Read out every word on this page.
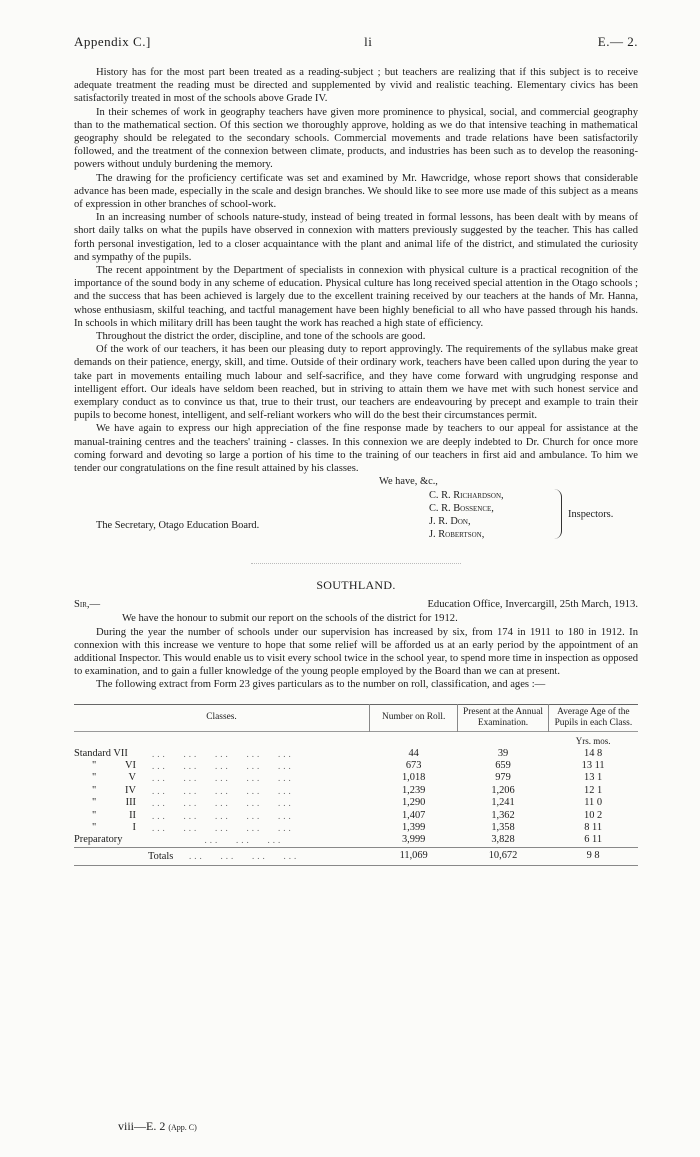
Appendix C.]	li	E.— 2.

History has for the most part been treated as a reading-subject ; but teachers are realizing that if this subject is to receive adequate treatment the reading must be directed and supplemented by vivid and realistic teaching. Elementary civics has been satisfactorily treated in most of the schools above Grade IV.

In their schemes of work in geography teachers have given more prominence to physical, social, and commercial geography than to the mathematical section. Of this section we thoroughly approve, holding as we do that intensive teaching in mathematical geography should be relegated to the secondary schools. Commercial movements and trade relations have been satisfactorily followed, and the treatment of the connexion between climate, products, and industries has been such as to develop the reasoning-powers without unduly burdening the memory.

The drawing for the proficiency certificate was set and examined by Mr. Hawcridge, whose report shows that considerable advance has been made, especially in the scale and design branches. We should like to see more use made of this subject as a means of expression in other branches of school-work.

In an increasing number of schools nature-study, instead of being treated in formal lessons, has been dealt with by means of short daily talks on what the pupils have observed in connexion with matters previously suggested by the teacher. This has called forth personal investigation, led to a closer acquaintance with the plant and animal life of the district, and stimulated the curiosity and sympathy of the pupils.

The recent appointment by the Department of specialists in connexion with physical culture is a practical recognition of the importance of the sound body in any scheme of education. Physical culture has long received special attention in the Otago schools ; and the success that has been achieved is largely due to the excellent training received by our teachers at the hands of Mr. Hanna, whose enthusiasm, skilful teaching, and tactful management have been highly beneficial to all who have passed through his hands. In schools in which military drill has been taught the work has reached a high state of efficiency.

Throughout the district the order, discipline, and tone of the schools are good.

Of the work of our teachers, it has been our pleasing duty to report approvingly. The requirements of the syllabus make great demands on their patience, energy, skill, and time. Outside of their ordinary work, teachers have been called upon during the year to take part in movements entailing much labour and self-sacrifice, and they have come forward with ungrudging response and intelligent effort. Our ideals have seldom been reached, but in striving to attain them we have met with such honest service and exemplary conduct as to convince us that, true to their trust, our teachers are endeavouring by precept and example to train their pupils to become honest, intelligent, and self-reliant workers who will do the best their circumstances permit.

We have again to express our high appreciation of the fine response made by teachers to our appeal for assistance at the manual-training centres and the teachers' training - classes. In this connexion we are deeply indebted to Dr. Church for once more coming forward and devoting so large a portion of his time to the training of our teachers in first aid and ambulance. To him we tender our congratulations on the fine result attained by his classes.

We have, &c.,
C. R. Richardson,
C. R. Bossence,
J. R. Don,
J. Robertson,
Inspectors.
The Secretary, Otago Education Board.
SOUTHLAND.
Sir,—	Education Office, Invercargill, 25th March, 1913.

We have the honour to submit our report on the schools of the district for 1912.

During the year the number of schools under our supervision has increased by six, from 174 in 1911 to 180 in 1912. In connexion with this increase we venture to hope that some relief will be afforded us at an early period by the appointment of an additional Inspector. This would enable us to visit every school twice in the school year, to spend more time in inspection as opposed to examination, and to gain a fuller knowledge of the young people employed by the Board than we can at present.

The following extract from Form 23 gives particulars as to the number on roll, classification, and ages :—

Classes.		Number on Roll.	Present at the Annual Examination.	Average Age of the Pupils in each Class.
				Yrs. mos.
Standard VII	...   ...   ...   ...   ...	44	39	14 8
" VI	...   ...   ...   ...   ...	673	659	13 11
" V	...   ...   ...   ...   ...	1,018	979	13 1
" IV	...   ...   ...   ...   ...	1,239	1,206	12 1
" III	...   ...   ...   ...   ...	1,290	1,241	11 0
" II	...   ...   ...   ...   ...	1,407	1,362	10 2
" I	...   ...   ...   ...   ...	1,399	1,358	8 11
Preparatory	...   ...   ...	3,999	3,828	6 11
Totals   ...   ...   ...   ...		11,069	10,672	9 8
viii—E. 2 (App. C)
